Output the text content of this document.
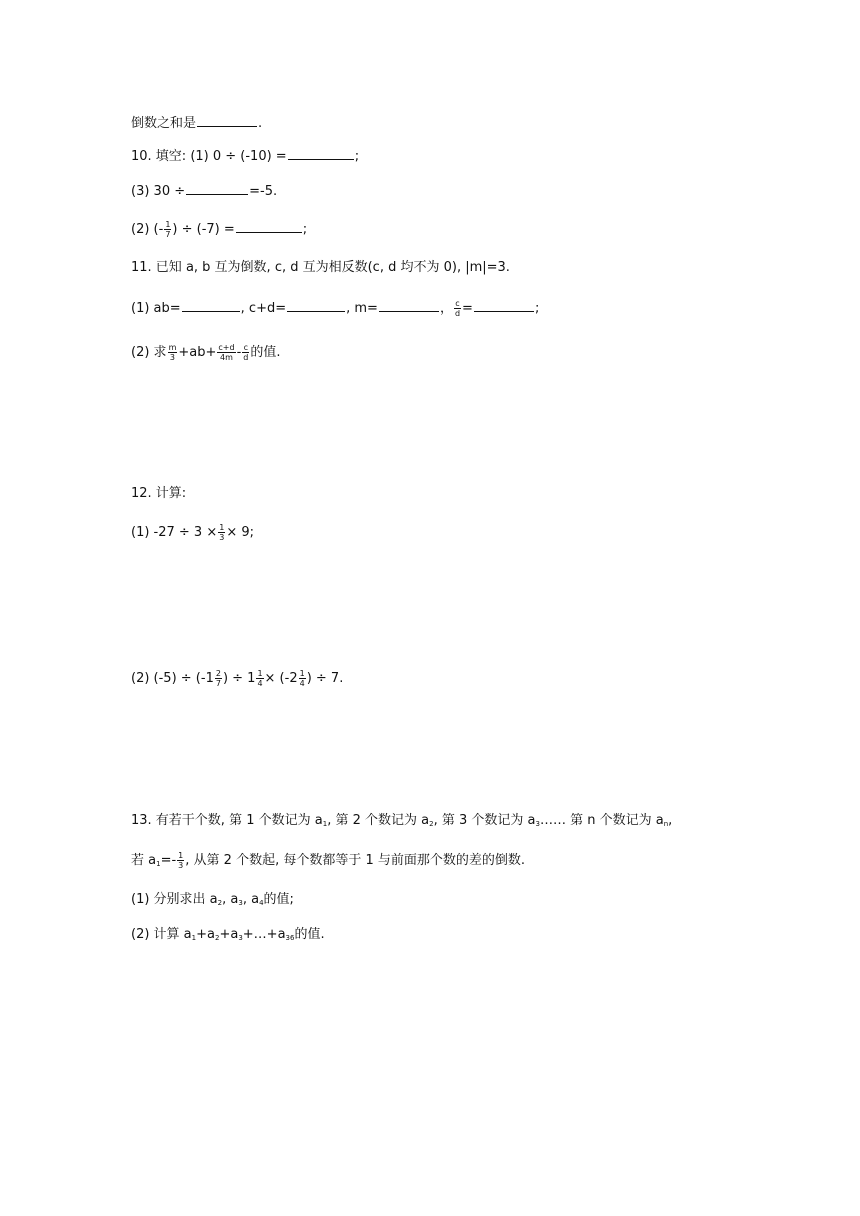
倒数之和是	.
10. 填空: (1) 0 ÷ (-10) =	;
(3) 30 ÷	=-5.
(2) (- $\frac{1}{7}$ ) ÷ (-7) =	;
11. 已知 a, b 互为倒数, c, d 互为相反数(c, d 均不为 0), |m|=3.
(1) ab=	, c+d=	, m=	， $\frac{c}{d}$ =	;
(2) 求 $\frac{m}{3} +ab+ \frac{c+d}{4m} - \frac{c}{d}$ 的值.
12. 计算:
(1) $-27 \div 3 \times \frac{1}{3} \times 9$;
(2) $(-5) \div (-1 \frac{2}{7}$ ) ÷ $1 \frac{1}{4} \times (-2 \frac{1}{4}$ ) ÷ 7.
13. 有若干个数, 第 1 个数记为 $a_1$, 第 2 个数记为 $a_2$, 第 3 个数记为 $a_3\dots\dots$ 第 n 个数记为 $a_n$,
若 $a_1=- \frac{1}{3}$ , 从第 2 个数起, 每个数都等于 1 与前面那个数的差的倒数.
(1) 分别求出 $a_2$, $a_3$, $a_4$的值;
(2) 计算 $a_1+a_2+a_3+\dots+a_{36}$的值.
